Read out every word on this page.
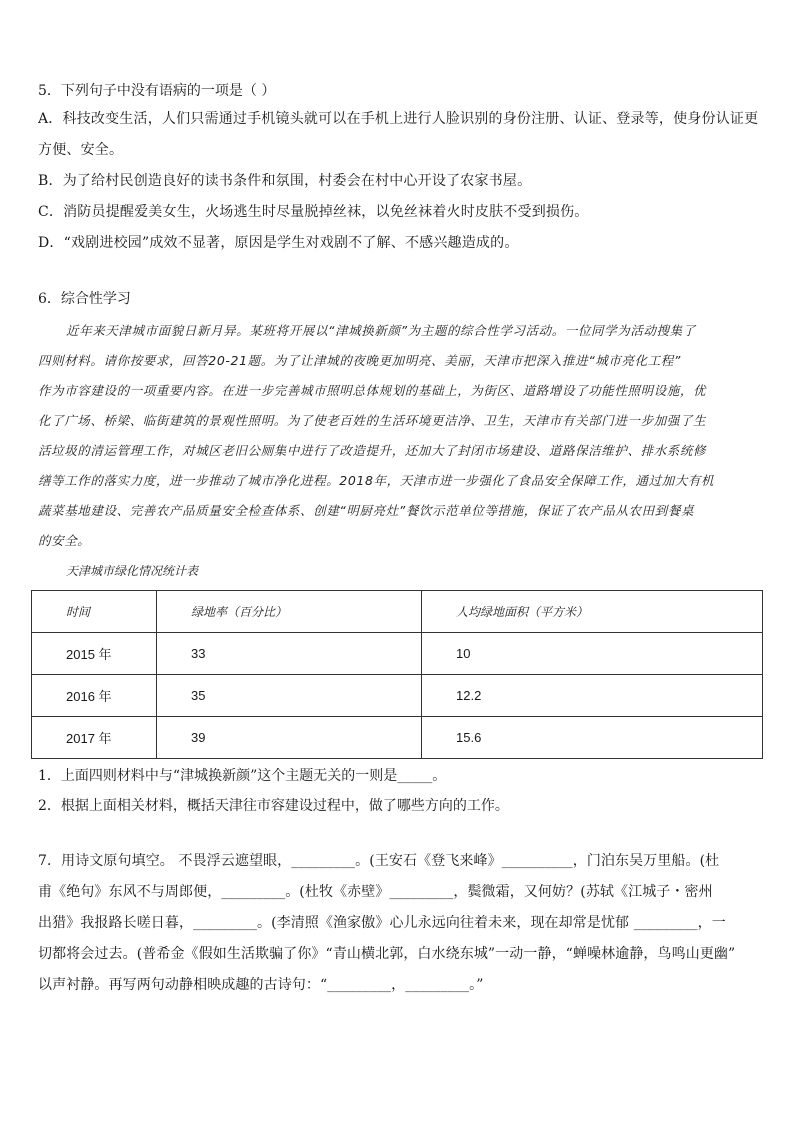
5．下列句子中没有语病的一项是（ ）
A．科技改变生活，人们只需通过手机镜头就可以在手机上进行人脸识别的身份注册、认证、登录等，使身份认证更
方便、安全。
B．为了给村民创造良好的读书条件和氛围，村委会在村中心开设了农家书屋。
C．消防员提醒爱美女生，火场逃生时尽量脱掉丝袜，以免丝袜着火时皮肤不受到损伤。
D．“戏剧进校园”成效不显著，原因是学生对戏剧不了解、不感兴趣造成的。
6．综合性学习
近年来天津城市面貌日新月异。某班将开展以“津城换新颜”为主题的综合性学习活动。一位同学为活动搜集了
四则材料。请你按要求，回答20-21题。为了让津城的夜晚更加明亮、美丽，天津市把深入推进“城市亮化工程”
作为市容建设的一项重要内容。在进一步完善城市照明总体规划的基础上，为街区、道路增设了功能性照明设施，优
化了广场、桥梁、临街建筑的景观性照明。为了使老百姓的生活环境更洁净、卫生，天津市有关部门进一步加强了生
活垃圾的清运管理工作，对城区老旧公厕集中进行了改造提升，还加大了封闭市场建设、道路保洁维护、排水系统修
缮等工作的落实力度，进一步推动了城市净化进程。2018年，天津市进一步强化了食品安全保障工作，通过加大有机
蔬菜基地建设、完善农产品质量安全检查体系、创建“明厨亮灶”餐饮示范单位等措施，保证了农产品从农田到餐桌
的安全。
天津城市绿化情况统计表
时间	绿地率（百分比）	人均绿地面积（平方米）
2015 年	33	10
2016 年	35	12.2
2017 年	39	15.6
1．上面四则材料中与“津城换新颜”这个主题无关的一则是_____。
2．根据上面相关材料，概括天津往市容建设过程中，做了哪些方向的工作。
7．用诗文原句填空。 不畏浮云遮望眼，_________。(王安石《登飞来峰》__________，门泊东吴万里船。(杜
甫《绝句》东风不与周郎便，_________。(杜牧《赤壁》_________，鬓微霜，又何妨？(苏轼《江城子・密州
出猎》我报路长嗟日暮，_________。(李清照《渔家傲》心儿永远向往着未来，现在却常是忧郁 _________，一
切都将会过去。(普希金《假如生活欺骗了你》“青山横北郭，白水绕东城”一动一静，“蝉噪林逾静，鸟鸣山更幽”
以声衬静。再写两句动静相映成趣的古诗句：“_________，_________。”
